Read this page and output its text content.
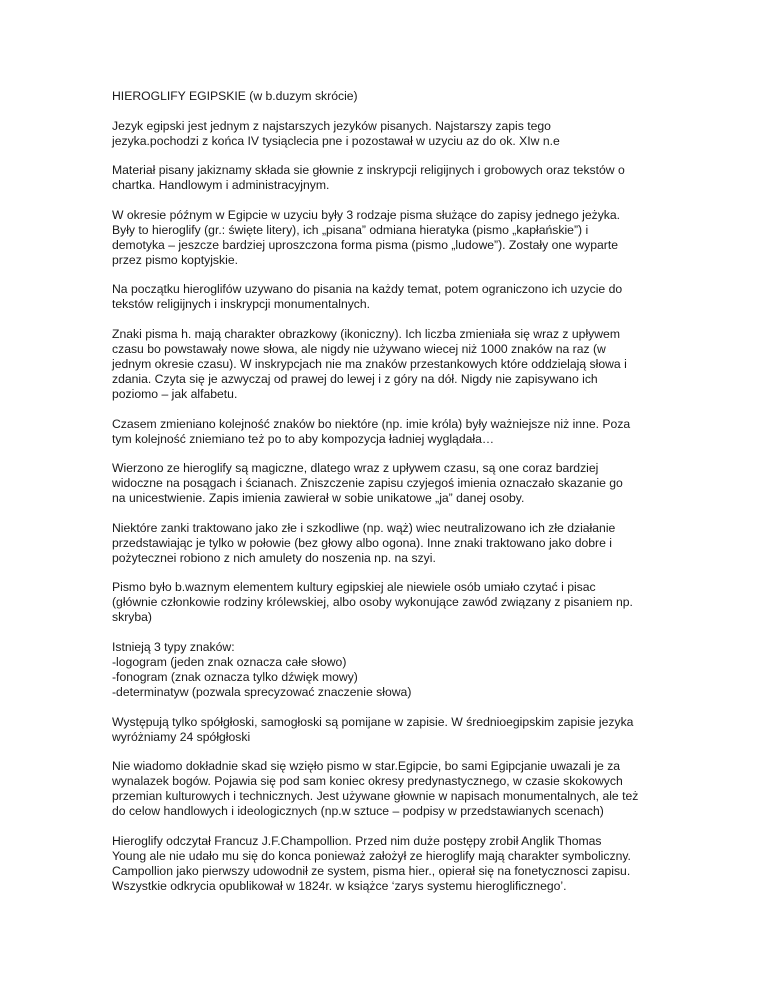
HIEROGLIFY EGIPSKIE (w b.duzym skrócie)

Jezyk egipski jest jednym z najstarszych jezyków pisanych. Najstarszy zapis tego
jezyka.pochodzi z końca IV tysiąclecia pne i pozostawał w uzyciu az do ok. XIw n.e

Materiał pisany jakiznamy składa sie głownie z inskrypcji religijnych i grobowych oraz tekstów o
chartka. Handlowym i administracyjnym.

W okresie późnym w Egipcie w uzyciu były 3 rodzaje pisma służące do zapisy jednego jeżyka.
Były to hieroglify (gr.: święte litery), ich „pisana” odmiana hieratyka (pismo „kapłańskie”) i
demotyka – jeszcze bardziej uproszczona forma pisma (pismo „ludowe”). Zostały one wyparte
przez pismo koptyjskie.

Na początku hieroglifów uzywano do pisania na każdy temat, potem ograniczono ich uzycie do
tekstów religijnych i inskrypcji monumentalnych.

Znaki pisma h. mają charakter obrazkowy (ikoniczny). Ich liczba zmieniała się wraz z upływem
czasu bo powstawały nowe słowa, ale nigdy nie używano wiecej niż 1000 znaków na raz (w
jednym okresie czasu). W inskrypcjach nie ma znaków przestankowych które oddzielają słowa i
zdania. Czyta się je azwyczaj od prawej do lewej i z góry na dół. Nigdy nie zapisywano ich
poziomo – jak alfabetu.

Czasem zmieniano kolejność znaków bo niektóre (np. imie króla) były ważniejsze niż inne. Poza
tym kolejność zniemiano też po to aby kompozycja ładniej wyglądała…

Wierzono ze hieroglify są magiczne, dlatego wraz z upływem czasu, są one coraz bardziej
widoczne na posągach i ścianach. Zniszczenie zapisu czyjegoś imienia oznaczało skazanie go
na unicestwienie. Zapis imienia zawierał w sobie unikatowe „ja” danej osoby.

Niektóre zanki traktowano jako złe i szkodliwe (np. wąż) wiec neutralizowano ich złe działanie
przedstawiając je tylko w połowie (bez głowy albo ogona). Inne znaki traktowano jako dobre i
pożytecznei robiono z nich amulety do noszenia np. na szyi.

Pismo było b.waznym elementem kultury egipskiej ale niewiele osób umiało czytać i pisac
(głównie członkowie rodziny królewskiej, albo osoby wykonujące zawód związany z pisaniem np.
skryba)

Istnieją 3 typy znaków:
-logogram (jeden znak oznacza całe słowo)
-fonogram (znak oznacza tylko dźwięk mowy)
-determinatyw (pozwala sprecyzować znaczenie słowa)

Występują tylko spółgłoski, samogłoski są pomijane w zapisie. W średnioegipskim zapisie jezyka
wyróżniamy 24 spółgłoski

Nie wiadomo dokładnie skad się wzięło pismo w star.Egipcie, bo sami Egipcjanie uwazali je za
wynalazek bogów. Pojawia się pod sam koniec okresy predynastycznego, w czasie skokowych
przemian kulturowych i technicznych. Jest używane głownie w napisach monumentalnych, ale też
do celow handlowych i ideologicznych (np.w sztuce – podpisy w przedstawianych scenach)

Hieroglify odczytał Francuz J.F.Champollion. Przed nim duże postępy zrobił Anglik Thomas
Young ale nie udało mu się do konca ponieważ założył ze hieroglify mają charakter symboliczny.
Campollion jako pierwszy udowodnił ze system, pisma hier., opierał się na fonetycznosci zapisu.
Wszystkie odkrycia opublikował w 1824r. w książce ‘zarys systemu hieroglificznego’.
